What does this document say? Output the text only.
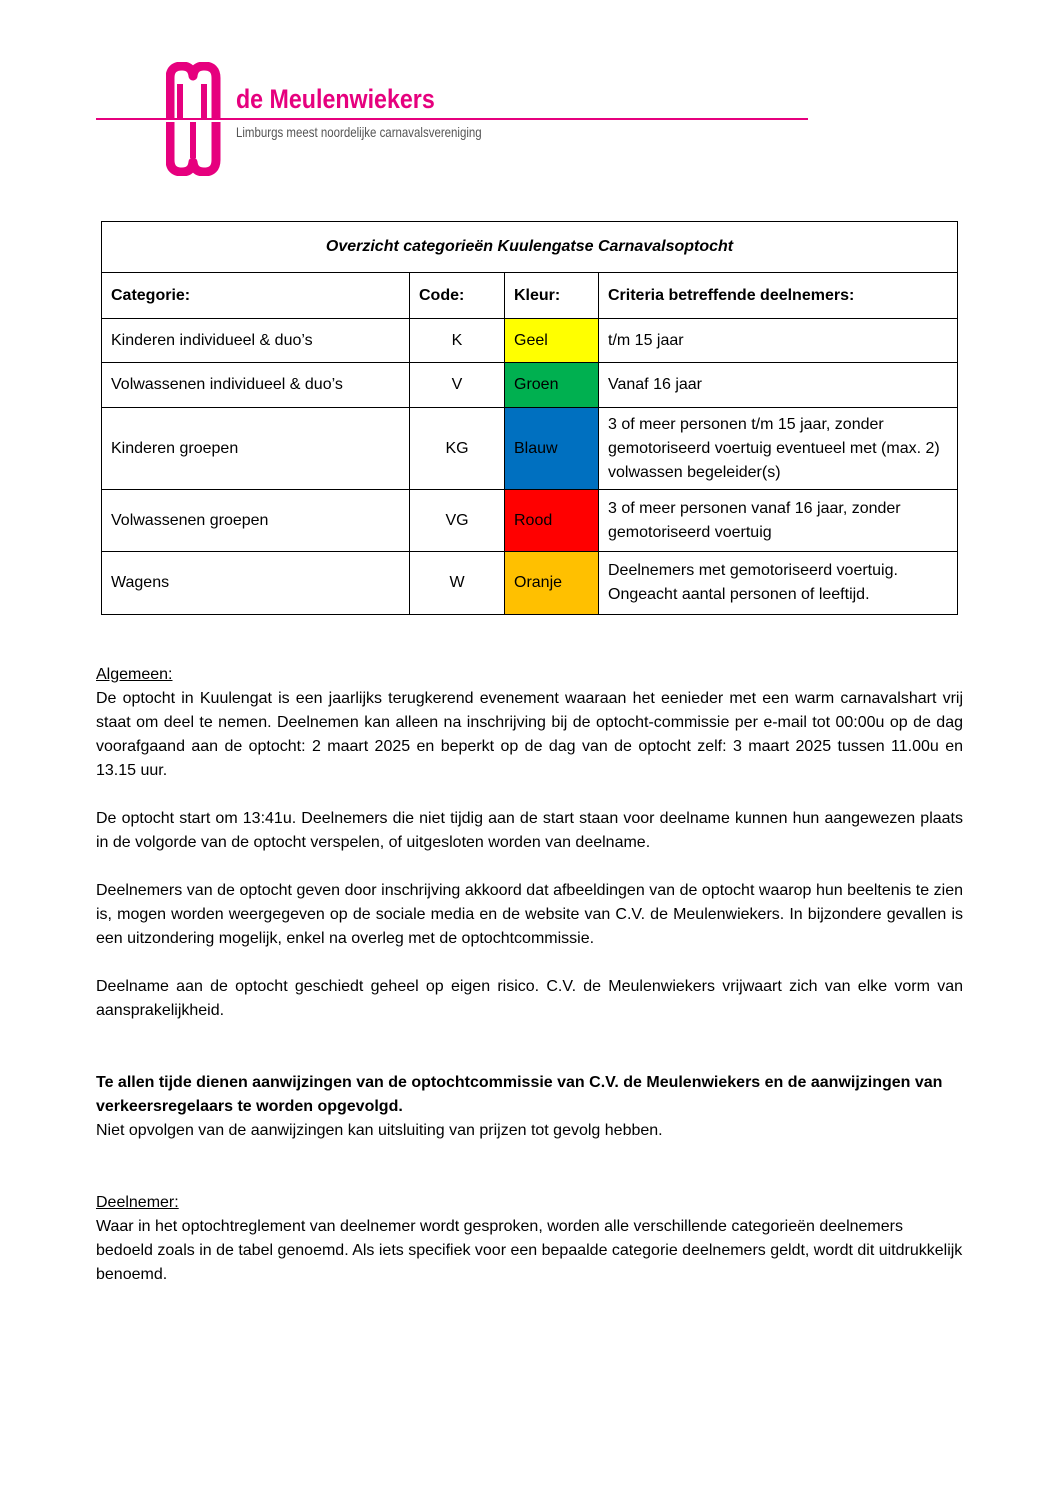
de Meulenwiekers
Limburgs meest noordelijke carnavalsvereniging
Overzicht categorieën Kuulengatse Carnavalsoptocht			
Categorie:	Code:	Kleur:	Criteria betreffende deelnemers:
Kinderen individueel & duo’s	K	Geel	t/m 15 jaar
Volwassenen individueel & duo’s	V	Groen	Vanaf 16 jaar
Kinderen groepen	KG	Blauw	3 of meer personen t/m 15 jaar, zonder gemotoriseerd voertuig eventueel met (max. 2) volwassen begeleider(s)
Volwassenen groepen	VG	Rood	3 of meer personen vanaf 16 jaar, zonder gemotoriseerd voertuig
Wagens	W	Oranje	Deelnemers met gemotoriseerd voertuig.
Ongeacht aantal personen of leeftijd.

Algemeen:

De optocht in Kuulengat is een jaarlijks terugkerend evenement waaraan het eenieder met een warm carnavalshart vrij staat om deel te nemen. Deelnemen kan alleen na inschrijving bij de optocht-commissie per e-mail tot 00:00u op de dag voorafgaand aan de optocht: 2 maart 2025 en beperkt op de dag van de optocht zelf: 3 maart 2025 tussen 11.00u en 13.15 uur.

De optocht start om 13:41u. Deelnemers die niet tijdig aan de start staan voor deelname kunnen hun aangewezen plaats in de volgorde van de optocht verspelen, of uitgesloten worden van deelname.

Deelnemers van de optocht geven door inschrijving akkoord dat afbeeldingen van de optocht waarop hun beeltenis te zien is, mogen worden weergegeven op de sociale media en de website van C.V. de Meulenwiekers. In bijzondere gevallen is een uitzondering mogelijk, enkel na overleg met de optochtcommissie.

Deelname aan de optocht geschiedt geheel op eigen risico. C.V. de Meulenwiekers vrijwaart zich van elke vorm van aansprakelijkheid.

Te allen tijde dienen aanwijzingen van de optochtcommissie van C.V. de Meulenwiekers en de aanwijzingen van verkeersregelaars te worden opgevolgd.

Niet opvolgen van de aanwijzingen kan uitsluiting van prijzen tot gevolg hebben.

Deelnemer:

Waar in het optochtreglement van deelnemer wordt gesproken, worden alle verschillende categorieën deelnemers bedoeld zoals in de tabel genoemd. Als iets specifiek voor een bepaalde categorie deelnemers geldt, wordt dit uitdrukkelijk benoemd.
